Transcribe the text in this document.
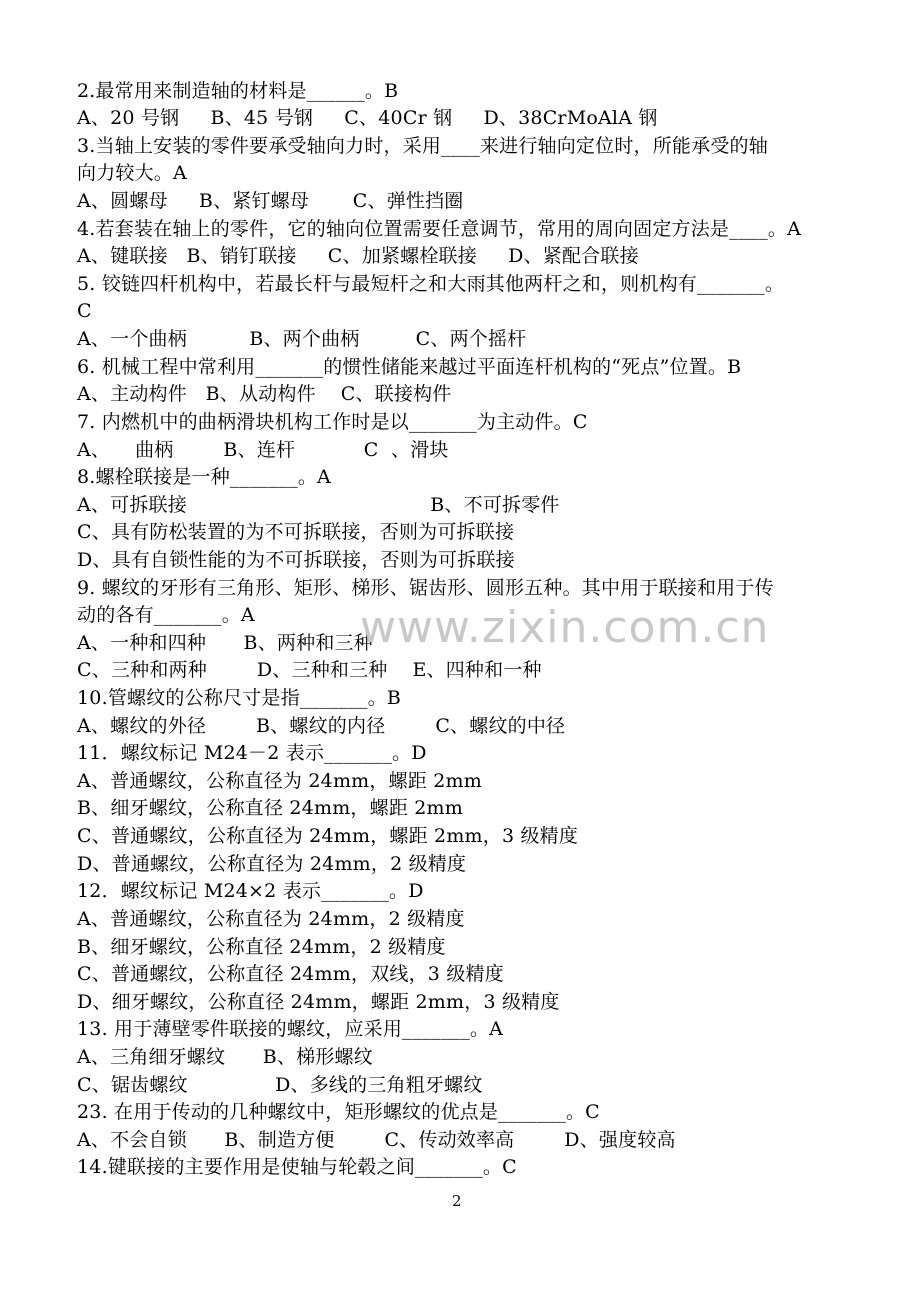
2.最常用来制造轴的材料是______。B

A、20 号钢     B、45 号钢     C、40Cr 钢     D、38CrMoAlA 钢

3.当轴上安装的零件要承受轴向力时，采用____来进行轴向定位时，所能承受的轴

向力较大。A

A、圆螺母     B、紧钉螺母       C、弹性挡圈

4.若套装在轴上的零件，它的轴向位置需要任意调节，常用的周向固定方法是____。A

A、键联接   B、销钉联接     C、加紧螺栓联接     D、紧配合联接

5. 铰链四杆机构中，若最长杆与最短杆之和大雨其他两杆之和，则机构有_______。

C

A、一个曲柄          B、两个曲柄         C、两个摇杆

6. 机械工程中常利用_______的惯性储能来越过平面连杆机构的“死点”位置。B

A、主动构件   B、从动构件    C、联接构件

7. 内燃机中的曲柄滑块机构工作时是以_______为主动件。C

A、    曲柄        B、连杆           C  、滑块

8.螺栓联接是一种_______。A

A、可拆联接                                       B、不可拆零件

C、具有防松装置的为不可拆联接，否则为可拆联接

D、具有自锁性能的为不可拆联接，否则为可拆联接

9. 螺纹的牙形有三角形、矩形、梯形、锯齿形、圆形五种。其中用于联接和用于传

动的各有_______。A

A、一种和四种      B、两种和三种

C、三种和两种        D、三种和三种    E、四种和一种

10.管螺纹的公称尺寸是指_______。B

A、螺纹的外径        B、螺纹的内径        C、螺纹的中径

11．螺纹标记 M24－2 表示_______。D

A、普通螺纹，公称直径为 24mm，螺距 2mm

B、细牙螺纹，公称直径 24mm，螺距 2mm

C、普通螺纹，公称直径为 24mm，螺距 2mm，3 级精度

D、普通螺纹，公称直径为 24mm，2 级精度

12．螺纹标记 M24×2 表示_______。D

A、普通螺纹，公称直径为 24mm，2 级精度

B、细牙螺纹，公称直径 24mm，2 级精度

C、普通螺纹，公称直径 24mm，双线，3 级精度

D、细牙螺纹，公称直径 24mm，螺距 2mm，3 级精度

13. 用于薄壁零件联接的螺纹，应采用_______。A

A、三角细牙螺纹      B、梯形螺纹

C、锯齿螺纹              D、多线的三角粗牙螺纹

23. 在用于传动的几种螺纹中，矩形螺纹的优点是_______。C

A、不会自锁      B、制造方便        C、传动效率高        D、强度较高

14.键联接的主要作用是使轴与轮毂之间_______。C

www.zixin.com.cn

2
